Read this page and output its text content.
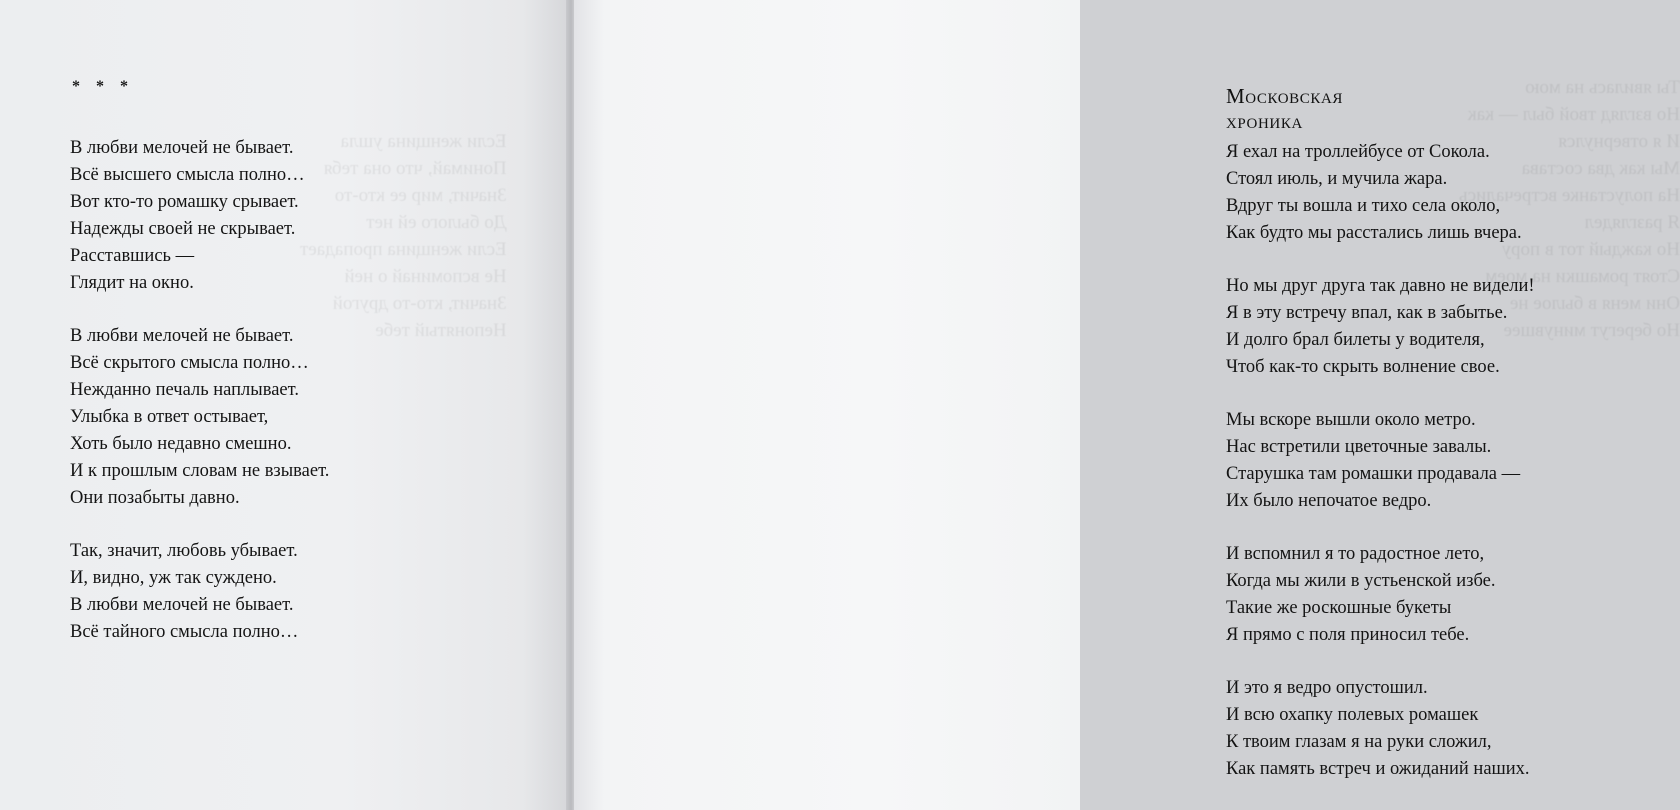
Если женщина ушла
Понимай, что она тебя
Значит, мир ее кто-то
До былого ей нет
Если женщина пропадает
Не вспоминай о ней
Значит, кто-то другой
Непонятый тебе
* * *
В любви мелочей не бывает.
Всё высшего смысла полно…
Вот кто-то ромашку срывает.
Надежды своей не скрывает.
Расставшись —
Глядит на окно.
В любви мелочей не бывает.
Всё скрытого смысла полно…
Нежданно печаль наплывает.
Улыбка в ответ остывает,
Хоть было недавно смешно.
И к прошлым словам не взывает.
Они позабыты давно.
Так, значит, любовь убывает.
И, видно, уж так суждено.
В любви мелочей не бывает.
Всё тайного смысла полно…
Ты явилась на мою
Но взгляд твой был — как
И я отвернулся
Мы как два состава
На полустанке встречались
Я разглядел
Но каждый тот в пору
Стоят ромашки на моем
Они меня в былое не
Но берегут минувшее
Московская хроника
Я ехал на троллейбусе от Сокола.
Стоял июль, и мучила жара.
Вдруг ты вошла и тихо села около,
Как будто мы расстались лишь вчера.
Но мы друг друга так давно не видели!
Я в эту встречу впал, как в забытье.
И долго брал билеты у водителя,
Чтоб как-то скрыть волнение свое.
Мы вскоре вышли около метро.
Нас встретили цветочные завалы.
Старушка там ромашки продавала —
Их было непочатое ведро.
И вспомнил я то радостное лето,
Когда мы жили в устьенской избе.
Такие же роскошные букеты
Я прямо с поля приносил тебе.
И это я ведро опустошил.
И всю охапку полевых ромашек
К твоим глазам я на руки сложил,
Как память встреч и ожиданий наших.
